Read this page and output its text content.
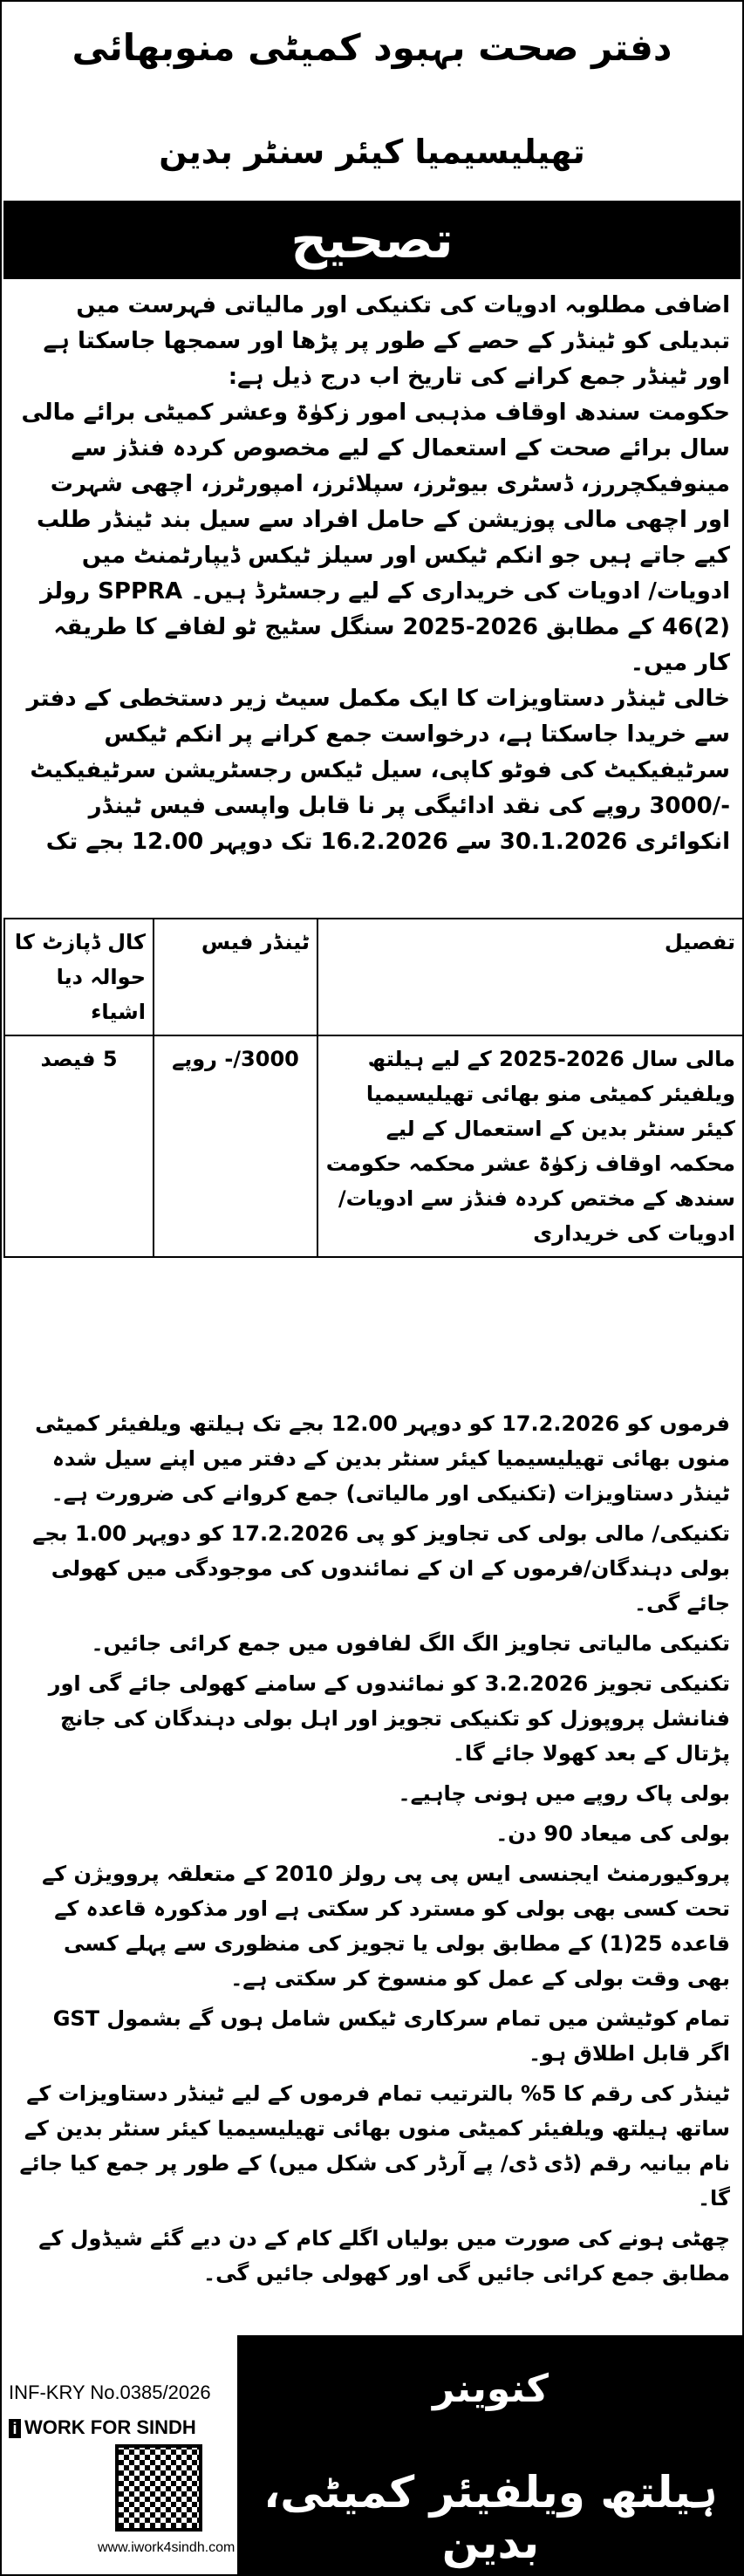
دفتر صحت بہبود کمیٹی منوبھائی
تھیلیسیمیا کیئر سنٹر بدین
تصحیح

اضافی مطلوبہ ادویات کی تکنیکی اور مالیاتی فہرست میں تبدیلی کو ٹینڈر کے حصے کے طور پر پڑھا اور سمجھا جاسکتا ہے اور ٹینڈر جمع کرانے کی تاریخ اب درج ذیل ہے:

حکومت سندھ اوقاف مذہبی امور زکوٰۃ وعشر کمیٹی برائے مالی سال برائے صحت کے استعمال کے لیے مخصوص کردہ فنڈز سے مینوفیکچررز، ڈسٹری بیوٹرز، سپلائرز، امپورٹرز، اچھی شہرت اور اچھی مالی پوزیشن کے حامل افراد سے سیل بند ٹینڈر طلب کیے جاتے ہیں جو انکم ٹیکس اور سیلز ٹیکس ڈیپارٹمنٹ میں ادویات/ ادویات کی خریداری کے لیے رجسٹرڈ ہیں۔ SPPRA رولز (2)46 کے مطابق 2026-2025 سنگل سٹیج ٹو لفافے کا طریقہ کار میں۔

خالی ٹینڈر دستاویزات کا ایک مکمل سیٹ زیر دستخطی کے دفتر سے خریدا جاسکتا ہے، درخواست جمع کرانے پر انکم ٹیکس سرٹیفیکیٹ کی فوٹو کاپی، سیل ٹیکس رجسٹریشن سرٹیفیکیٹ -/3000 روپے کی نقد ادائیگی پر نا قابل واپسی فیس ٹینڈر انکوائری 30.1.2026 سے 16.2.2026 تک دوپہر 12.00 بجے تک

تفصیل	ٹینڈر فیس	کال ڈپازٹ کا حوالہ دیا اشیاء
مالی سال 2026-2025 کے لیے ہیلتھ ویلفیئر کمیٹی منو بھائی تھیلیسیمیا کیئر سنٹر بدین کے استعمال کے لیے محکمہ اوقاف زکوٰۃ عشر محکمہ حکومت سندھ کے مختص کردہ فنڈز سے ادویات/ادویات کی خریداری	3000/- روپے	5 فیصد

فرموں کو 17.2.2026 کو دوپہر 12.00 بجے تک ہیلتھ ویلفیئر کمیٹی منوں بھائی تھیلیسیمیا کیئر سنٹر بدین کے دفتر میں اپنے سیل شدہ ٹینڈر دستاویزات (تکنیکی اور مالیاتی) جمع کروانے کی ضرورت ہے۔

تکنیکی/ مالی بولی کی تجاویز کو پی 17.2.2026 کو دوپہر 1.00 بجے بولی دہندگان/فرموں کے ان کے نمائندوں کی موجودگی میں کھولی جائے گی۔

تکنیکی مالیاتی تجاویز الگ الگ لفافوں میں جمع کرائی جائیں۔

تکنیکی تجویز 3.2.2026 کو نمائندوں کے سامنے کھولی جائے گی اور فنانشل پروپوزل کو تکنیکی تجویز اور اہل بولی دہندگان کی جانچ پڑتال کے بعد کھولا جائے گا۔

بولی پاک روپے میں ہونی چاہیے۔

بولی کی میعاد 90 دن۔

پروکیورمنٹ ایجنسی ایس پی پی رولز 2010 کے متعلقہ پروویژن کے تحت کسی بھی بولی کو مسترد کر سکتی ہے اور مذکورہ قاعدہ کے قاعدہ 25(1) کے مطابق بولی یا تجویز کی منظوری سے پہلے کسی بھی وقت بولی کے عمل کو منسوخ کر سکتی ہے۔

تمام کوٹیشن میں تمام سرکاری ٹیکس شامل ہوں گے بشمول GST اگر قابل اطلاق ہو۔

ٹینڈر کی رقم کا 5% بالترتیب تمام فرموں کے لیے ٹینڈر دستاویزات کے ساتھ ہیلتھ ویلفیئر کمیٹی منوں بھائی تھیلیسیمیا کیئر سنٹر بدین کے نام بیانیہ رقم (ڈی ڈی/ پے آرڈر کی شکل میں) کے طور پر جمع کیا جائے گا۔

چھٹی ہونے کی صورت میں بولیاں اگلے کام کے دن دیے گئے شیڈول کے مطابق جمع کرائی جائیں گی اور کھولی جائیں گی۔

INF-KRY No.0385/2026
i WORK FOR SINDH
www.iwork4sindh.com
کنوینر
ہیلتھ ویلفیئر کمیٹی، بدین
